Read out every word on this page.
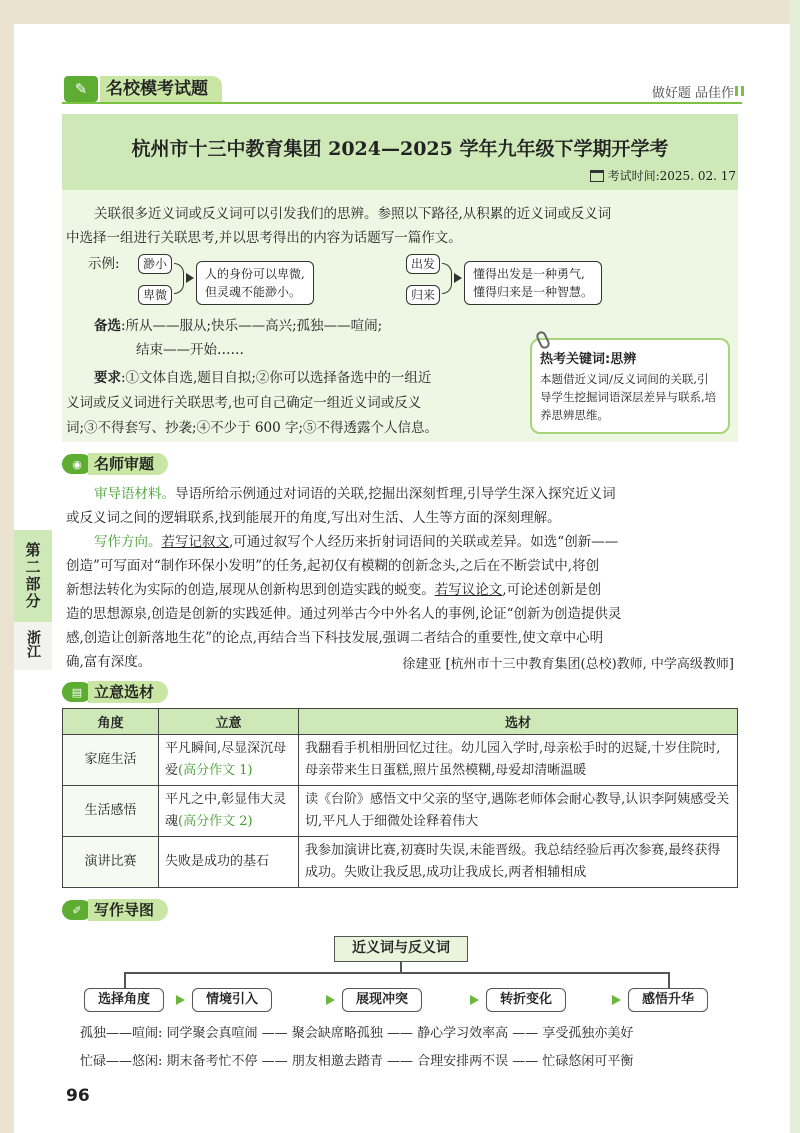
✎	名校模考试题	做好题 品佳作
杭州市十三中教育集团 2024—2025 学年九年级下学期开学考
考试时间:2025. 02. 17
关联很多近义词或反义词可以引发我们的思辨。参照以下路径,从积累的近义词或反义词
中选择一组进行关联思考,并以思考得出的内容为话题写一篇作文。
示例:	渺小
卑微
人的身份可以卑微,
但灵魂不能渺小。
出发
归来
懂得出发是一种勇气,
懂得归来是一种智慧。
备选:所从——服从;快乐——高兴;孤独——喧闹;
结束——开始……
要求:①文体自选,题目自拟;②你可以选择备选中的一组近
义词或反义词进行关联思考,也可自己确定一组近义词或反义
词;③不得套写、抄袭;④不少于 600 字;⑤不得透露个人信息。
热考关键词:思辨
本题借近义词/反义词间的关联,引导学生挖掘词语深层差异与联系,培养思辨思维。
◉ 名师审题
审导语材料。导语所给示例通过对词语的关联,挖掘出深刻哲理,引导学生深入探究近义词
或反义词之间的逻辑联系,找到能展开的角度,写出对生活、人生等方面的深刻理解。
写作方向。若写记叙文,可通过叙写个人经历来折射词语间的关联或差异。如选“创新——
创造”可写面对“制作环保小发明”的任务,起初仅有模糊的创新念头,之后在不断尝试中,将创
新想法转化为实际的创造,展现从创新构思到创造实践的蜕变。若写议论文,可论述创新是创
造的思想源泉,创造是创新的实践延伸。通过列举古今中外名人的事例,论证“创新为创造提供灵
感,创造让创新落地生花”的论点,再结合当下科技发展,强调二者结合的重要性,使文章中心明
确,富有深度。	徐建亚 [杭州市十三中教育集团(总校)教师, 中学高级教师]
第二部分
浙江
▤ 立意选材
角度	立意	选材
家庭生活	平凡瞬间,尽显深沉母爱(高分作文 1)	我翻看手机相册回忆过往。幼儿园入学时,母亲松手时的迟疑,十岁住院时,母亲带来生日蛋糕,照片虽然模糊,母爱却清晰温暖
生活感悟	平凡之中,彰显伟大灵魂(高分作文 2)	读《台阶》感悟文中父亲的坚守,遇陈老师体会耐心教导,认识李阿姨感受关切,平凡人于细微处诠释着伟大
演讲比赛	失败是成功的基石	我参加演讲比赛,初赛时失误,未能晋级。我总结经验后再次参赛,最终获得成功。失败让我反思,成功让我成长,两者相辅相成
✐ 写作导图
近义词与反义词
选择角度	情境引入	展现冲突	转折变化	感悟升华
孤独——喧闹: 同学聚会真喧闹 —— 聚会缺席略孤独 —— 静心学习效率高 —— 享受孤独亦美好
忙碌——悠闲: 期末备考忙不停 —— 朋友相邀去踏青 —— 合理安排两不误 —— 忙碌悠闲可平衡
96
